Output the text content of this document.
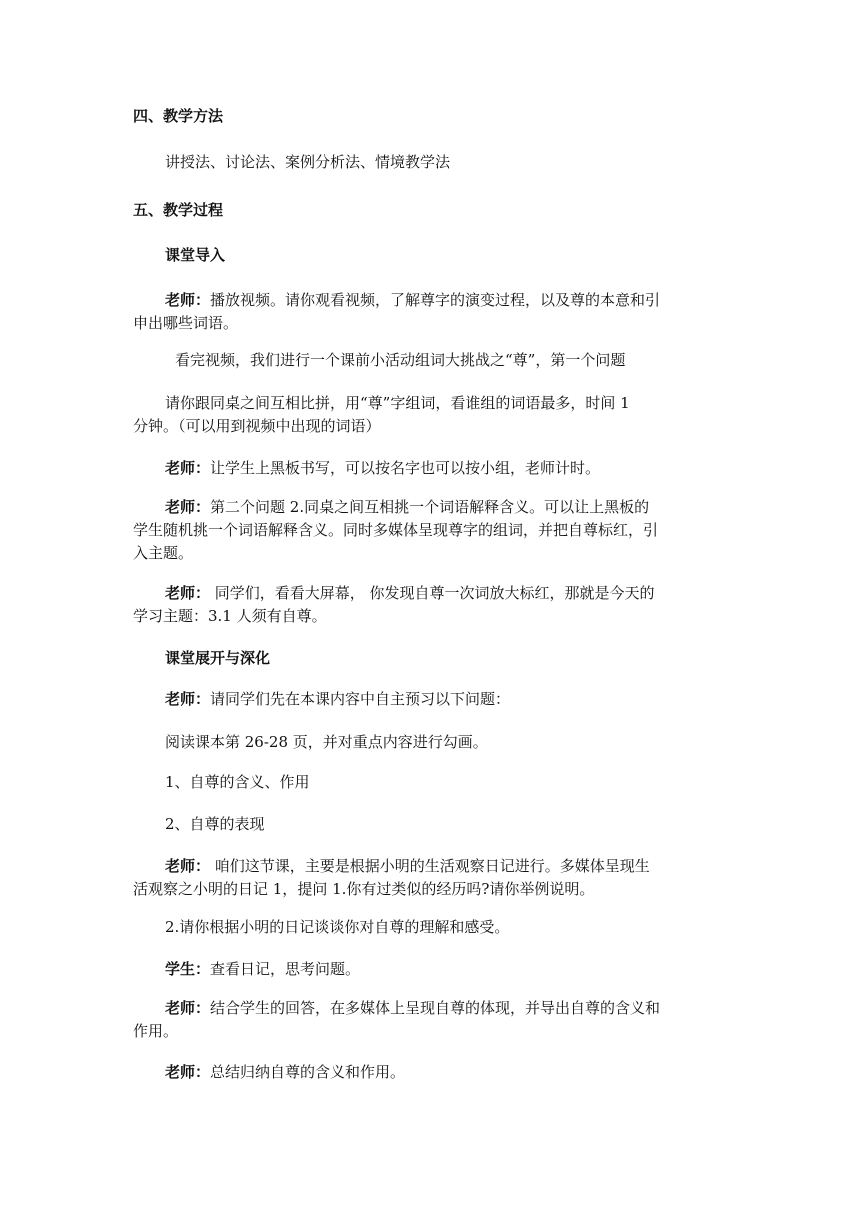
四、教学方法
讲授法、讨论法、案例分析法、情境教学法
五、教学过程
课堂导入
老师：播放视频。请你观看视频，了解尊字的演变过程，以及尊的本意和引
申出哪些词语。
看完视频，我们进行一个课前小活动组词大挑战之“尊”，第一个问题
请你跟同桌之间互相比拼，用“尊”字组词，看谁组的词语最多，时间 1
分钟。（可以用到视频中出现的词语）
老师：让学生上黑板书写，可以按名字也可以按小组，老师计时。
老师：第二个问题 2.同桌之间互相挑一个词语解释含义。可以让上黑板的
学生随机挑一个词语解释含义。同时多媒体呈现尊字的组词，并把自尊标红，引
入主题。
老师： 同学们，看看大屏幕， 你发现自尊一次词放大标红，那就是今天的
学习主题：3.1 人须有自尊。
课堂展开与深化
老师：请同学们先在本课内容中自主预习以下问题：
阅读课本第 26-28 页，并对重点内容进行勾画。
1、自尊的含义、作用
2、自尊的表现
老师： 咱们这节课，主要是根据小明的生活观察日记进行。多媒体呈现生
活观察之小明的日记 1，提问 1.你有过类似的经历吗?请你举例说明。
2.请你根据小明的日记谈谈你对自尊的理解和感受。
学生：查看日记，思考问题。
老师：结合学生的回答，在多媒体上呈现自尊的体现，并导出自尊的含义和
作用。
老师：总结归纳自尊的含义和作用。
